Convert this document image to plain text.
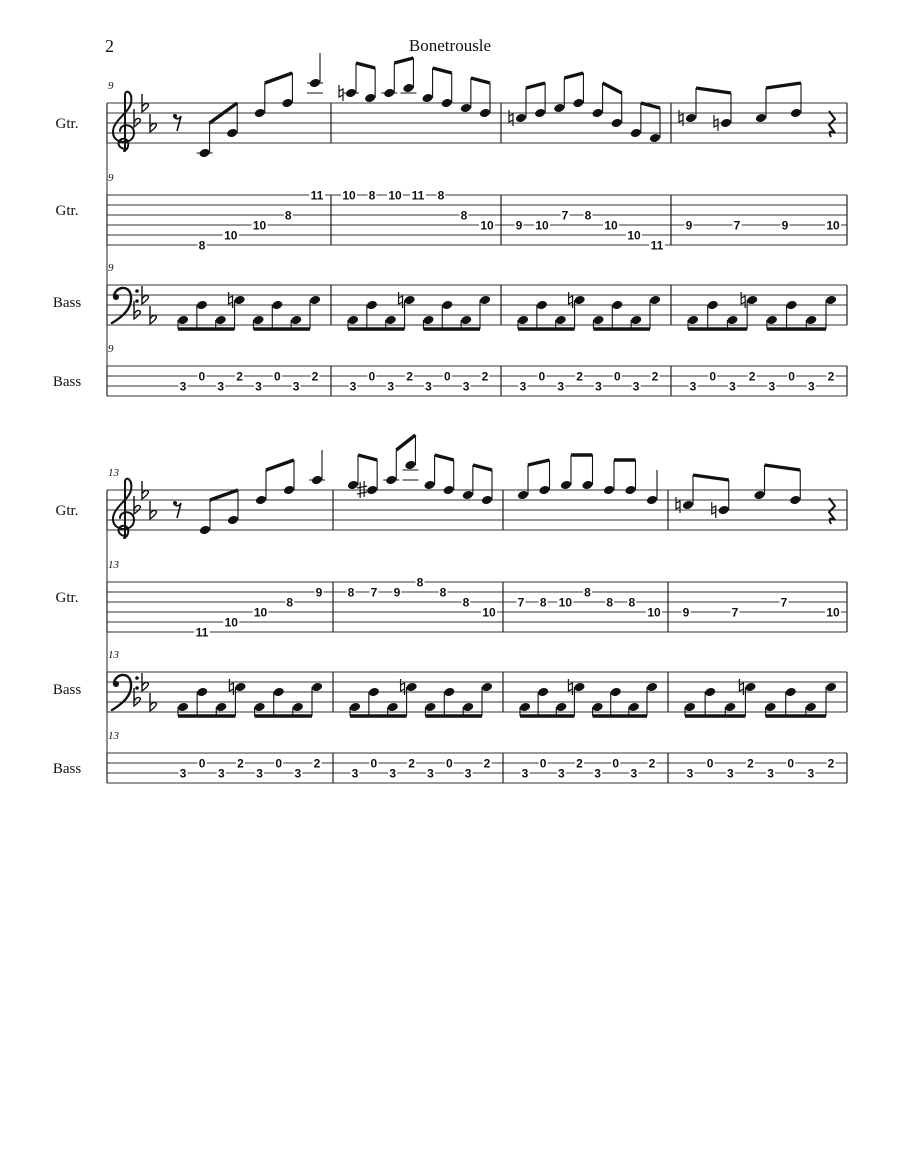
2	Bonetrousle
Gtr.
Gtr.
Bass
Bass
9
9
9
9
8
10
10
8
11 10 8 10 11 8
8
10 9 10
7 8
10
10
11
9	7	9	10
3
0
3
2
3
0
3
2
3
0
3
2
3
0
3
2
3
0
3
2
3
0
3
2
3
0
3
2
3
0
3
2
Gtr.
Gtr.
Bass
Bass
13
13
13
13
11
10
10
8
9 8 7 9
8
8
8
10
7 8 10
8
8 8
10 9	7
7
10
3
0
3
2
3
0
3
2
3
0
3
2
3
0
3
2
3
0
3
2
3
0
3
2
3
0
3
2
3
0
3
2
